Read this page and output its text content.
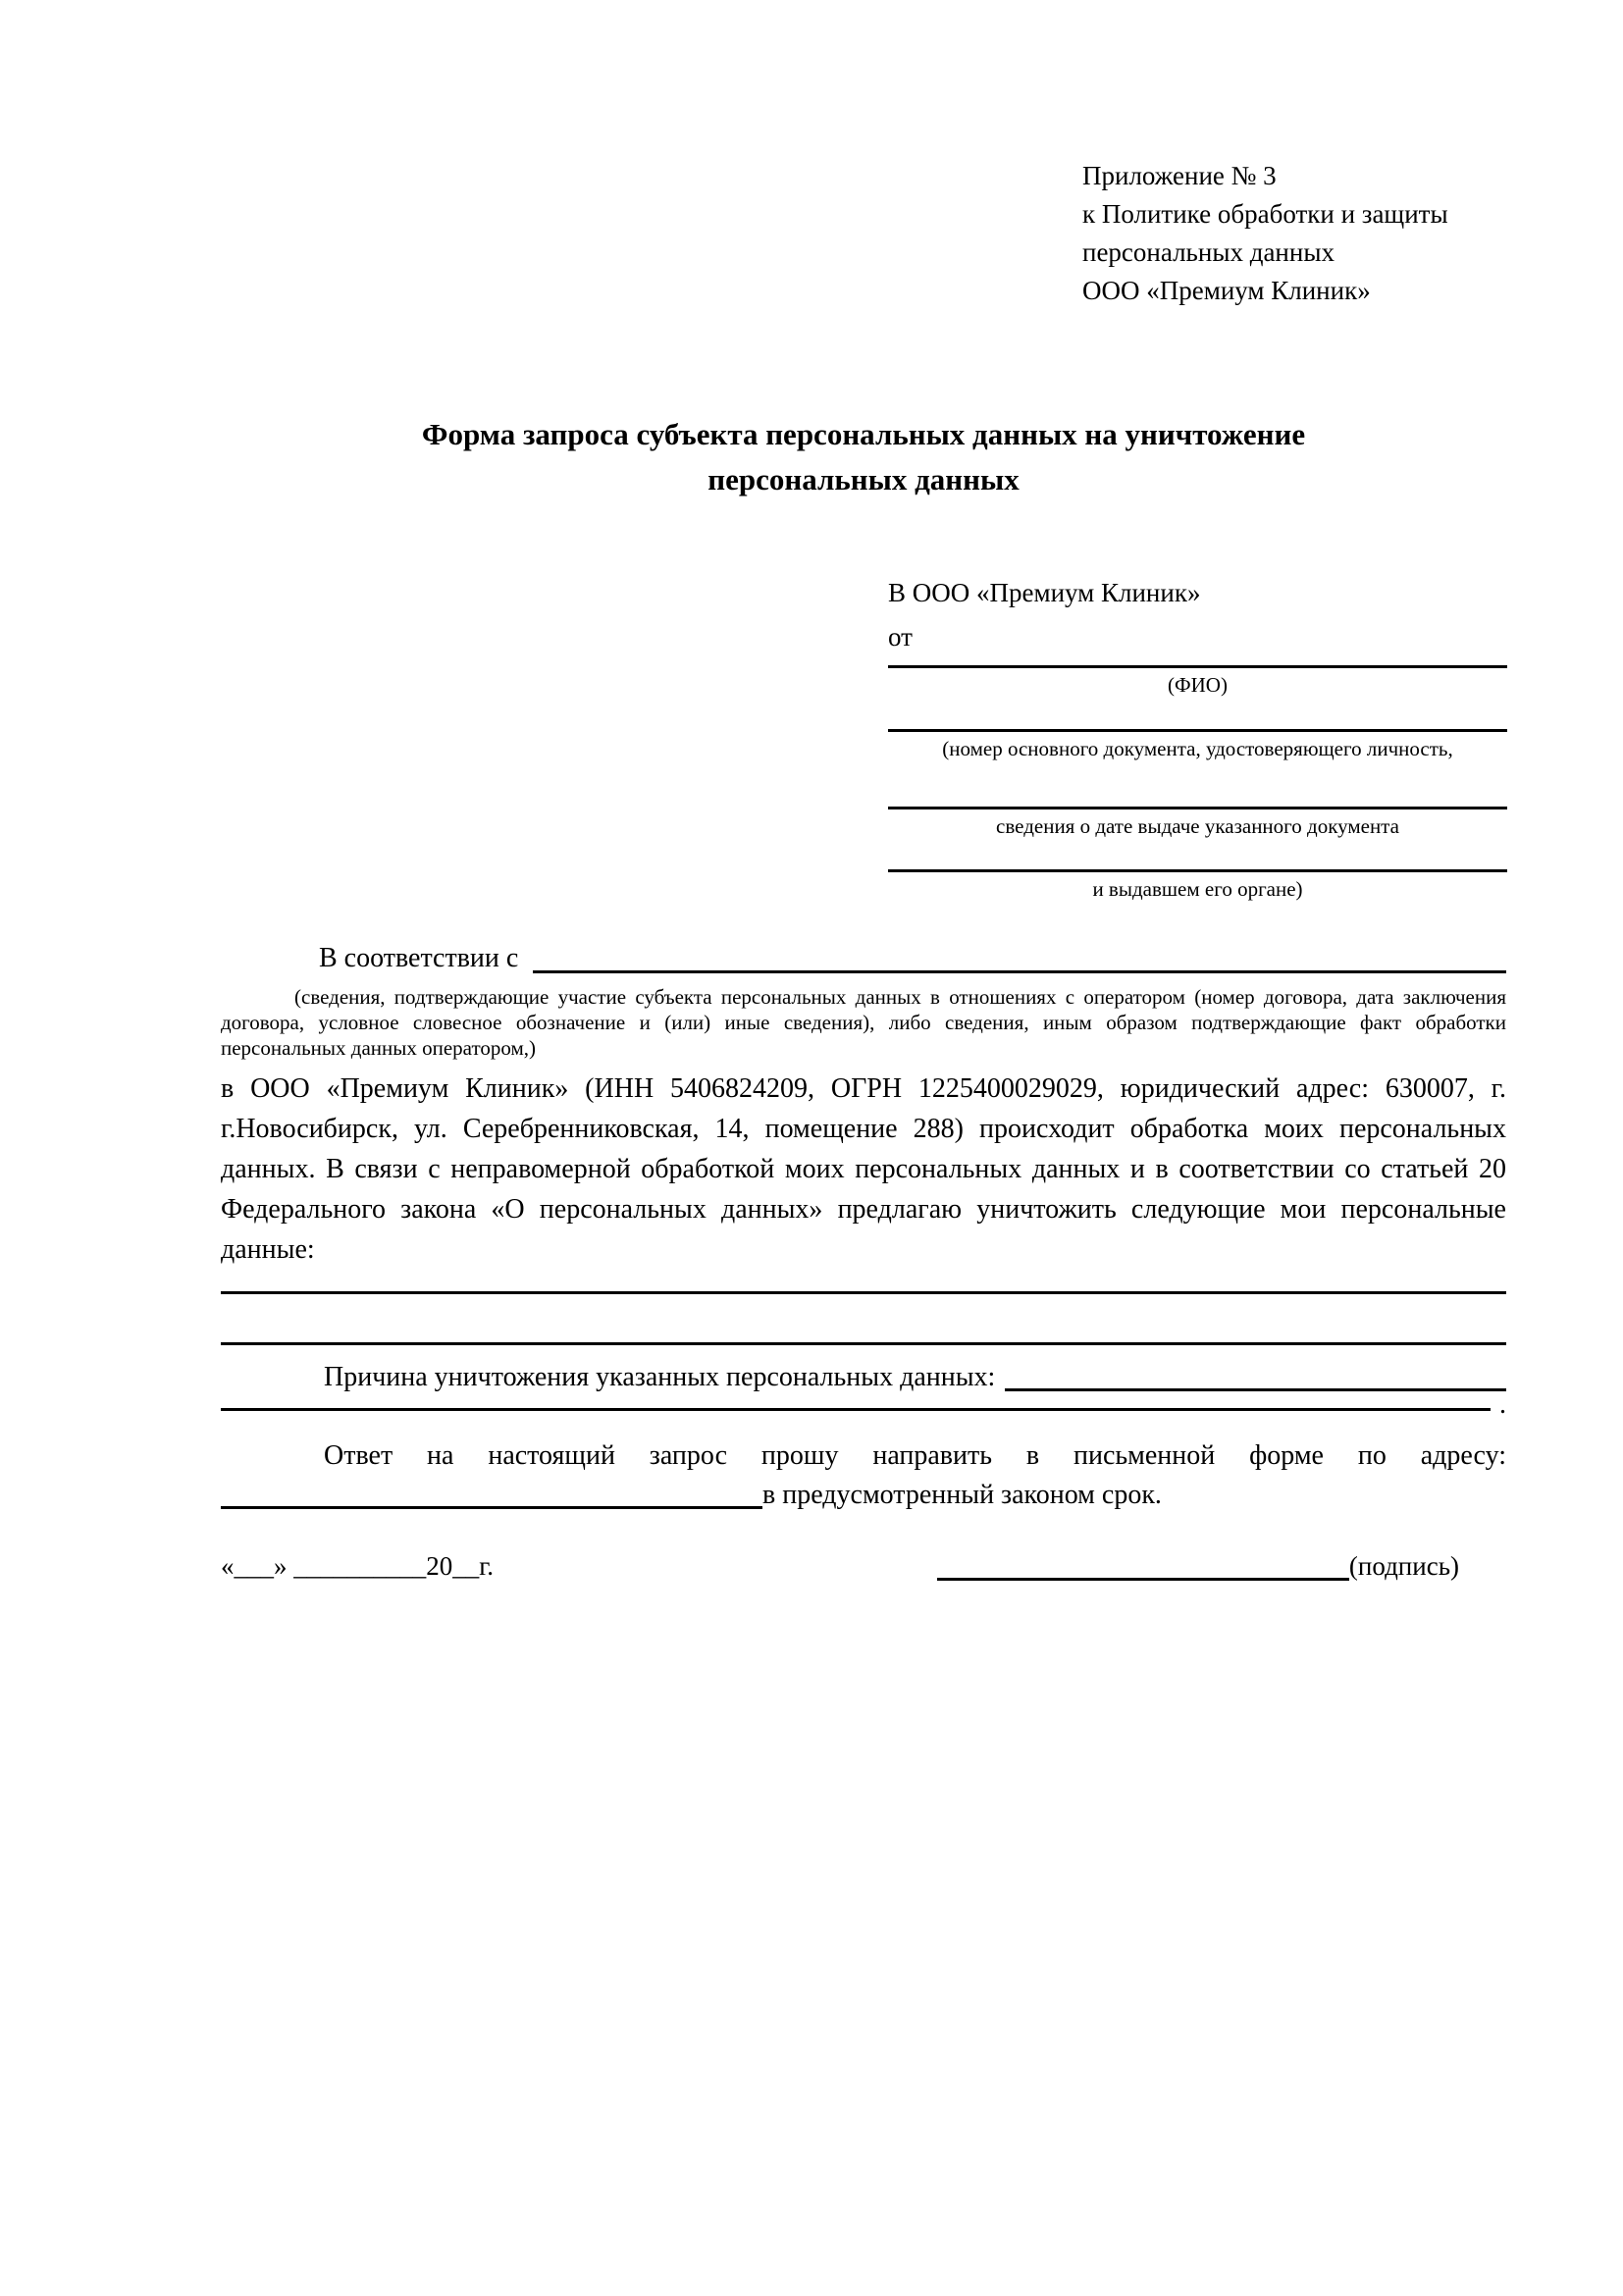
Приложение № 3
к Политике обработки и защиты
персональных данных
ООО «Премиум Клиник»
Форма запроса субъекта персональных данных на уничтожение
персональных данных
В ООО «Премиум Клиник»
от
(ФИО)
(номер основного документа, удостоверяющего личность,
сведения о дате выдаче указанного документа
и выдавшем его органе)
В соответствии с
(сведения, подтверждающие участие субъекта персональных данных в отношениях с оператором (номер договора, дата заключения договора, условное словесное обозначение и (или) иные сведения), либо сведения, иным образом подтверждающие факт обработки персональных данных оператором,)
в ООО «Премиум Клиник» (ИНН 5406824209, ОГРН 1225400029029, юридический адрес: 630007, г. г.Новосибирск, ул. Серебренниковская, 14, помещение 288) происходит обработка моих персональных данных. В связи с неправомерной обработкой моих персональных данных и в соответствии со статьей 20 Федерального закона «О персональных данных» предлагаю уничтожить следующие мои персональные данные:
Причина уничтожения указанных персональных данных:
.
Ответ на настоящий запрос прошу направить в письменной форме по адресу:
в предусмотренный законом срок.
«___» __________20__г.	(подпись)
